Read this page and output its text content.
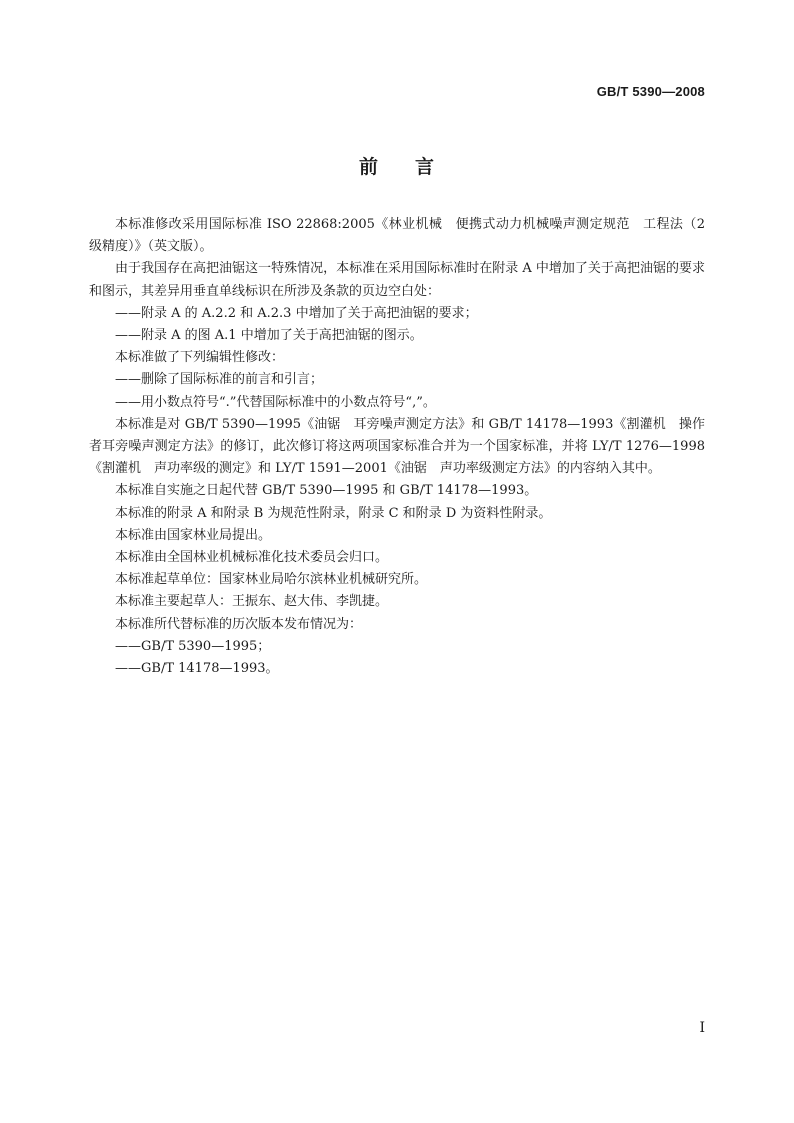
GB/T 5390—2008
前 言

本标准修改采用国际标准 ISO 22868:2005《林业机械　便携式动力机械噪声测定规范　工程法（2 级精度）》（英文版）。

由于我国存在高把油锯这一特殊情况，本标准在采用国际标准时在附录 A 中增加了关于高把油锯的要求和图示，其差异用垂直单线标识在所涉及条款的页边空白处：

——附录 A 的 A.2.2 和 A.2.3 中增加了关于高把油锯的要求；

——附录 A 的图 A.1 中增加了关于高把油锯的图示。

本标准做了下列编辑性修改：

——删除了国际标准的前言和引言；

——用小数点符号“.”代替国际标准中的小数点符号“,”。

本标准是对 GB/T 5390—1995《油锯　耳旁噪声测定方法》和 GB/T 14178—1993《割灌机　操作者耳旁噪声测定方法》的修订，此次修订将这两项国家标准合并为一个国家标准，并将 LY/T 1276—1998《割灌机　声功率级的测定》和 LY/T 1591—2001《油锯　声功率级测定方法》的内容纳入其中。

本标准自实施之日起代替 GB/T 5390—1995 和 GB/T 14178—1993。

本标准的附录 A 和附录 B 为规范性附录，附录 C 和附录 D 为资料性附录。

本标准由国家林业局提出。

本标准由全国林业机械标准化技术委员会归口。

本标准起草单位：国家林业局哈尔滨林业机械研究所。

本标准主要起草人：王振东、赵大伟、李凯捷。

本标准所代替标准的历次版本发布情况为：

——GB/T 5390—1995；

——GB/T 14178—1993。

I
